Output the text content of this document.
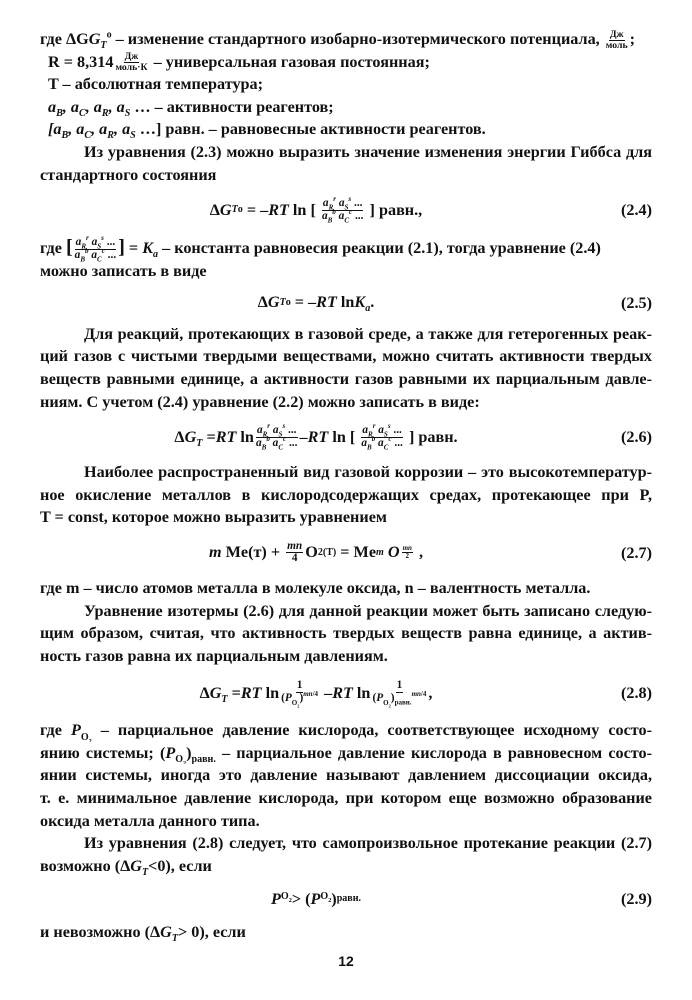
где $\Delta GG_T^o$ – изменение стандартного изобарно-изотермического потенциала, $\frac{Дж}{\text{моль}}$ ;
$R = 8,314 \frac{Дж}{\text{моль·К}}$ – универсальная газовая постоянная;
T – абсолютная температура;
$a_B$, $a_C$, $a_R$, $a_S$ … – активности реагентов;
[$a_B$, $a_C$, $a_R$, $a_S$ …] равн. – равновесные активности реагентов.
Из уравнения (2.3) можно выразить значение изменения энергии Гиббса для
стандартного состояния
Δ G T o = – RT ln [ $\frac{a_R^r a_S^s ...}{a_B^b a_C^c ...}$ ] равн.,	(2.4)
где [ $\frac{a_R^r a_S^s ...}{a_B^b a_C^c ...}$ ] = $K_a$ – константа равновесия реакции (2.1), тогда уравнение (2.4)
можно записать в виде
Δ G T o = – RT $\ln K_a$ .	(2.5)
Для реакций, протекающих в газовой среде, а также для гетерогенных реак-
ций газов с чистыми твердыми веществами, можно считать активности твердых
веществ равными единице, а активности газов равными их парциальным давле-
ниям. С учетом (2.4) уравнение (2.2) можно записать в виде:
Δ $G_T$ = RT $\ln \frac{a_R^r a_S^s ...}{a_B^b a_C^c ...}$ – RT ln [ $\frac{a_R^r a_S^s ...}{a_B^b a_C^c ...}$ ] равн.	(2.6)
Наиболее распространенный вид газовой коррозии – это высокотемператур-
ное окисление металлов в кислородсодержащих средах, протекающее при P,
T = const, которое можно выразить уравнением
m $Me(т) + \frac{mn}{4}$ O 2(Т) = Me m
O $\frac{mn}{2}$ ,	(2.7)
где m – число атомов металла в молекуле оксида, n – валентность металла.
Уравнение изотермы (2.6) для данной реакции может быть записано следую-
щим образом, считая, что активность твердых веществ равна единице, а актив-
ность газов равна их парциальным давлениям.
Δ $G_T$ = RT $\ln \frac{1}{(P_{O_2})^{mn/4}}$ – RT $\ln \frac{1}{(P_{O_2})_{равн.}^{mn/4}}$ ,	(2.8)
где $P_{O_2}$ – парциальное давление кислорода, соответствующее исходному состо-
янию системы; $(P_{O_2})_{равн.}$ – парциальное давление кислорода в равновесном состо-
янии системы, иногда это давление называют давлением диссоциации оксида,
т. е. минимальное давление кислорода, при котором еще возможно образование
оксида металла данного типа.
Из уравнения (2.8) следует, что самопроизвольное протекание реакции (2.7)
возможно $(\Delta G_T<0)$, если
P $O_2$ > ( P $O_2$ ) равн.	(2.9)
и невозможно $(\Delta G_T> 0)$, если
12
